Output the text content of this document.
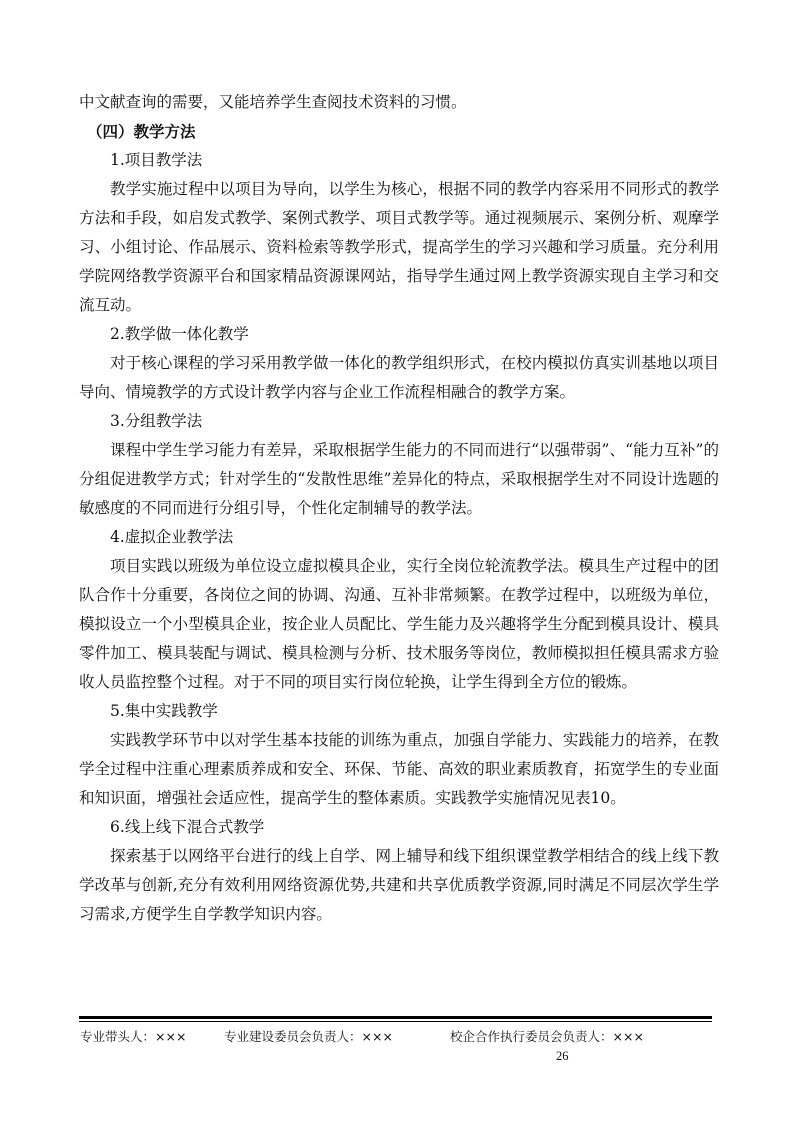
中文献查询的需要，又能培养学生查阅技术资料的习惯。

（四）教学方法

1.项目教学法

教学实施过程中以项目为导向，以学生为核心，根据不同的教学内容采用不同形式的教学方法和手段，如启发式教学、案例式教学、项目式教学等。通过视频展示、案例分析、观摩学习、小组讨论、作品展示、资料检索等教学形式，提高学生的学习兴趣和学习质量。充分利用学院网络教学资源平台和国家精品资源课网站，指导学生通过网上教学资源实现自主学习和交流互动。

2.教学做一体化教学

对于核心课程的学习采用教学做一体化的教学组织形式，在校内模拟仿真实训基地以项目导向、情境教学的方式设计教学内容与企业工作流程相融合的教学方案。

3.分组教学法

课程中学生学习能力有差异，采取根据学生能力的不同而进行“以强带弱”、“能力互补”的分组促进教学方式；针对学生的“发散性思维”差异化的特点，采取根据学生对不同设计选题的敏感度的不同而进行分组引导，个性化定制辅导的教学法。

4.虚拟企业教学法

项目实践以班级为单位设立虚拟模具企业，实行全岗位轮流教学法。模具生产过程中的团队合作十分重要，各岗位之间的协调、沟通、互补非常频繁。在教学过程中，以班级为单位，模拟设立一个小型模具企业，按企业人员配比、学生能力及兴趣将学生分配到模具设计、模具零件加工、模具装配与调试、模具检测与分析、技术服务等岗位，教师模拟担任模具需求方验收人员监控整个过程。对于不同的项目实行岗位轮换，让学生得到全方位的锻炼。

5.集中实践教学

实践教学环节中以对学生基本技能的训练为重点，加强自学能力、实践能力的培养，在教学全过程中注重心理素质养成和安全、环保、节能、高效的职业素质教育，拓宽学生的专业面和知识面，增强社会适应性，提高学生的整体素质。实践教学实施情况见表10。

6.线上线下混合式教学

探索基于以网络平台进行的线上自学、网上辅导和线下组织课堂教学相结合的线上线下教学改革与创新,充分有效利用网络资源优势,共建和共享优质教学资源,同时满足不同层次学生学习需求,方便学生自学教学知识内容。

专业带头人：×××	专业建设委员会负责人：×××	校企合作执行委员会负责人：×××
26
